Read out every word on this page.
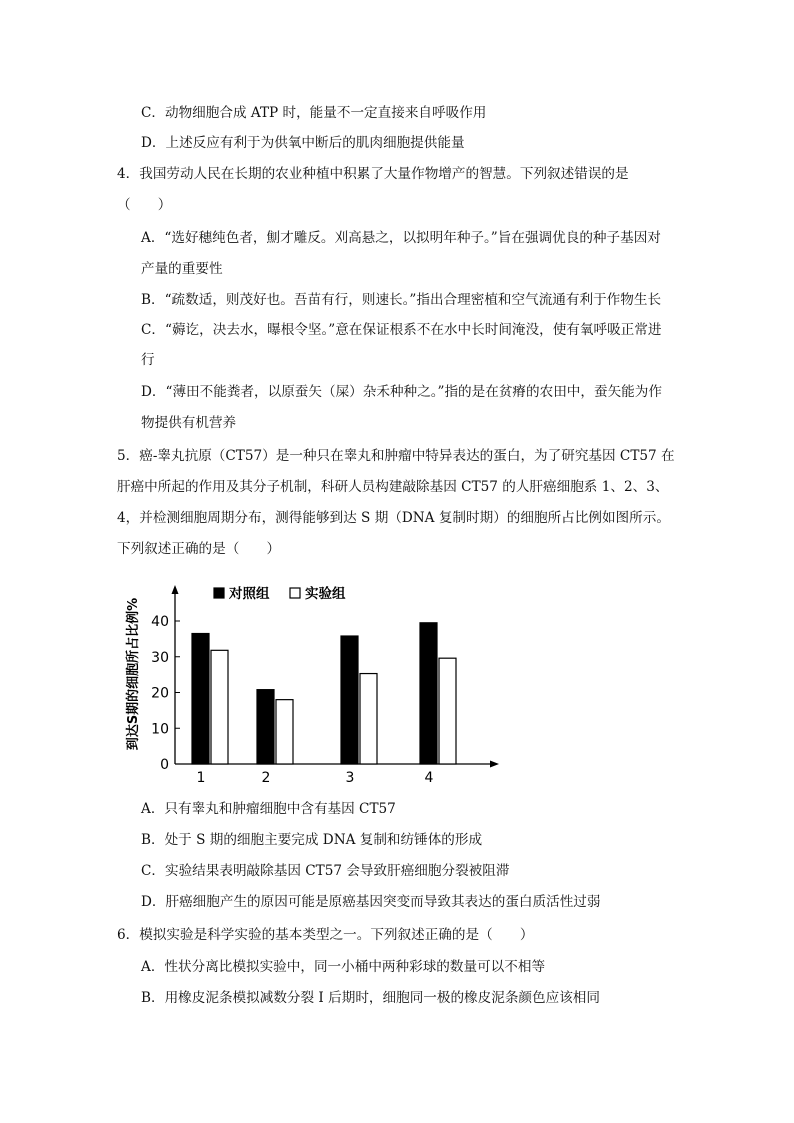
C．动物细胞合成 ATP 时，能量不一定直接来自呼吸作用
D．上述反应有利于为供氧中断后的肌肉细胞提供能量
4．我国劳动人民在长期的农业种植中积累了大量作物增产的智慧。下列叙述错误的是
（　　）
A．“选好穗纯色者，劁才雕反。刈高悬之，以拟明年种子。”旨在强调优良的种子基因对
产量的重要性
B．“疏数适，则茂好也。吾苗有行，则速长。”指出合理密植和空气流通有利于作物生长
C．“薅讫，决去水，曝根令坚。”意在保证根系不在水中长时间淹没，使有氧呼吸正常进
行
D．“薄田不能粪者，以原蚕矢（屎）杂禾种种之。”指的是在贫瘠的农田中，蚕矢能为作
物提供有机营养
5．癌-睾丸抗原（CT57）是一种只在睾丸和肿瘤中特异表达的蛋白，为了研究基因 CT57 在
肝癌中所起的作用及其分子机制，科研人员构建敲除基因 CT57 的人肝癌细胞系 1、2、3、
4，并检测细胞周期分布，测得能够到达 S 期（DNA 复制时期）的细胞所占比例如图所示。
下列叙述正确的是（　　）
0
10
20
30
40
到达S期的细胞所占比例%
1	2	3	4
对照组	实验组
A．只有睾丸和肿瘤细胞中含有基因 CT57
B．处于 S 期的细胞主要完成 DNA 复制和纺锤体的形成
C．实验结果表明敲除基因 CT57 会导致肝癌细胞分裂被阻滞
D．肝癌细胞产生的原因可能是原癌基因突变而导致其表达的蛋白质活性过弱
6．模拟实验是科学实验的基本类型之一。下列叙述正确的是（　　）
A．性状分离比模拟实验中，同一小桶中两种彩球的数量可以不相等
B．用橡皮泥条模拟减数分裂 I 后期时，细胞同一极的橡皮泥条颜色应该相同
